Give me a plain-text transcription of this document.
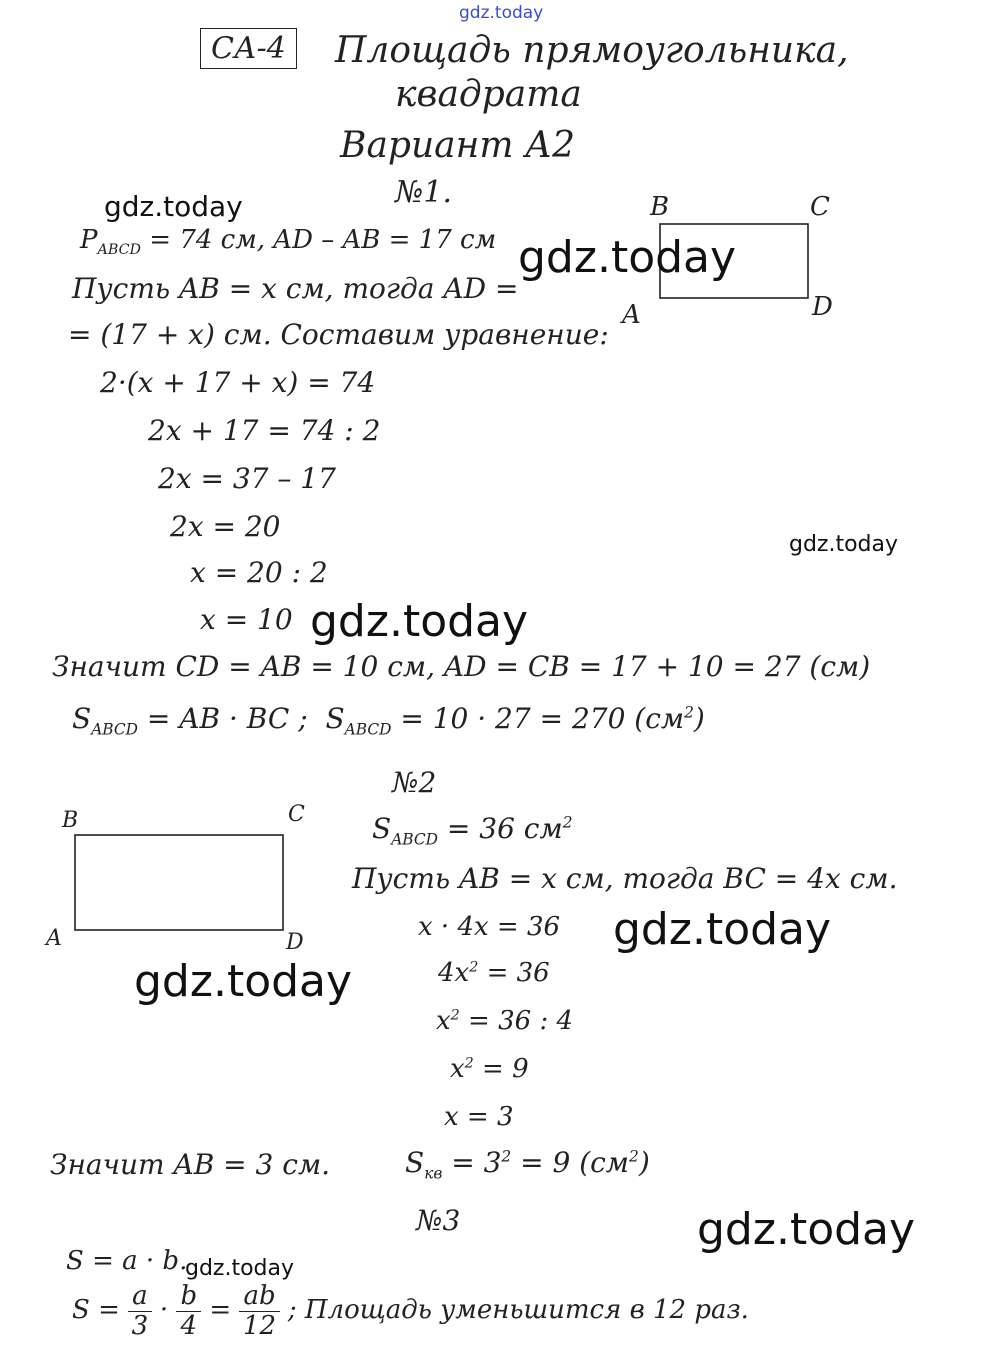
gdz.today
СА-4	Площадь прямоугольника,
квадрата
Вариант А2
№1.
gdz.today
$P_{ABCD} = 74$ см, AD – AB = 17 см
B	C
A	D
gdz.today
Пусть AB = x см, тогда AD =
= (17 + x) см. Составим уравнение:
2·(x + 17 + x) = 74
2x + 17 = 74 : 2
2x = 37 – 17
2x = 20
gdz.today
x = 20 : 2
x = 10 gdz.today
Значит CD = AB = 10 см, AD = CB = 17 + 10 = 27 (см)
$S_{ABCD}$ = AB · BC ; $S_{ABCD} = 10 \cdot 27 = 270$ $(см^2)$
№2
B	C
A	D
$S_{ABCD} = 36$ $см^2$
Пусть AB = x см, тогда BC = 4x см.
x · 4x = 36 gdz.today
gdz.today	$4x^2 = 36$
$x^2 = 36$ : 4
$x^2 = 9$
x = 3
Значит AB = 3 см.	$S_{кв} = 3^2 = 9$ $(см^2)$
№3	gdz.today
S = a · b.
gdz.today
$S = \frac{a}{3} \cdot \frac{b}{4} = \frac{ab}{12}$ ; Площадь уменьшится в 12 раз.
